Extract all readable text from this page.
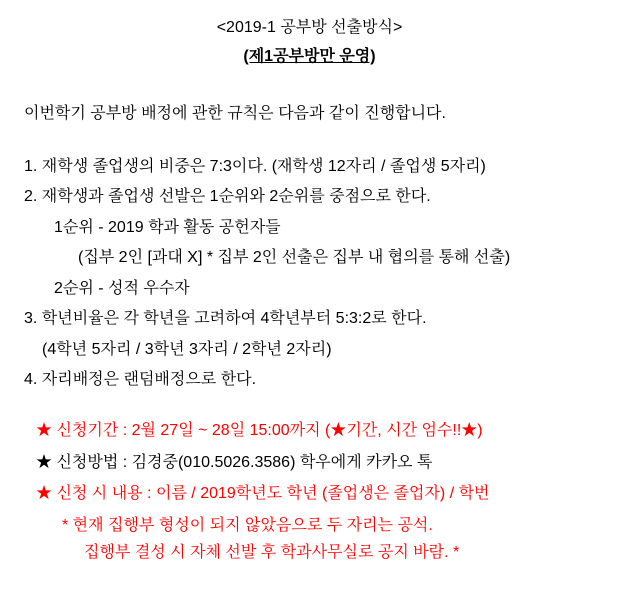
<2019-1 공부방 선출방식>
(제1공부방만 운영)
이번학기 공부방 배정에 관한 규칙은 다음과 같이 진행합니다.
1. 재학생 졸업생의 비중은 7:3이다. (재학생 12자리 / 졸업생 5자리)
2. 재학생과 졸업생 선발은 1순위와 2순위를 중점으로 한다.
1순위 - 2019 학과 활동 공헌자들
(집부 2인 [과대 X] * 집부 2인 선출은 집부 내 협의를 통해 선출)
2순위 - 성적 우수자
3. 학년비율은 각 학년을 고려하여 4학년부터 5:3:2로 한다.
(4학년 5자리 / 3학년 3자리 / 2학년 2자리)
4. 자리배정은 랜덤배정으로 한다.
★ 신청기간 : 2월 27일 ~ 28일 15:00까지 (★기간, 시간 엄수!!★)
★ 신청방법 : 김경중(010.5026.3586) 학우에게 카카오 톡
★ 신청 시 내용 : 이름 / 2019학년도 학년 (졸업생은 졸업자) / 학번
* 현재 집행부 형성이 되지 않았음으로 두 자리는 공석.
집행부 결성 시 자체 선발 후 학과사무실로 공지 바람. *
